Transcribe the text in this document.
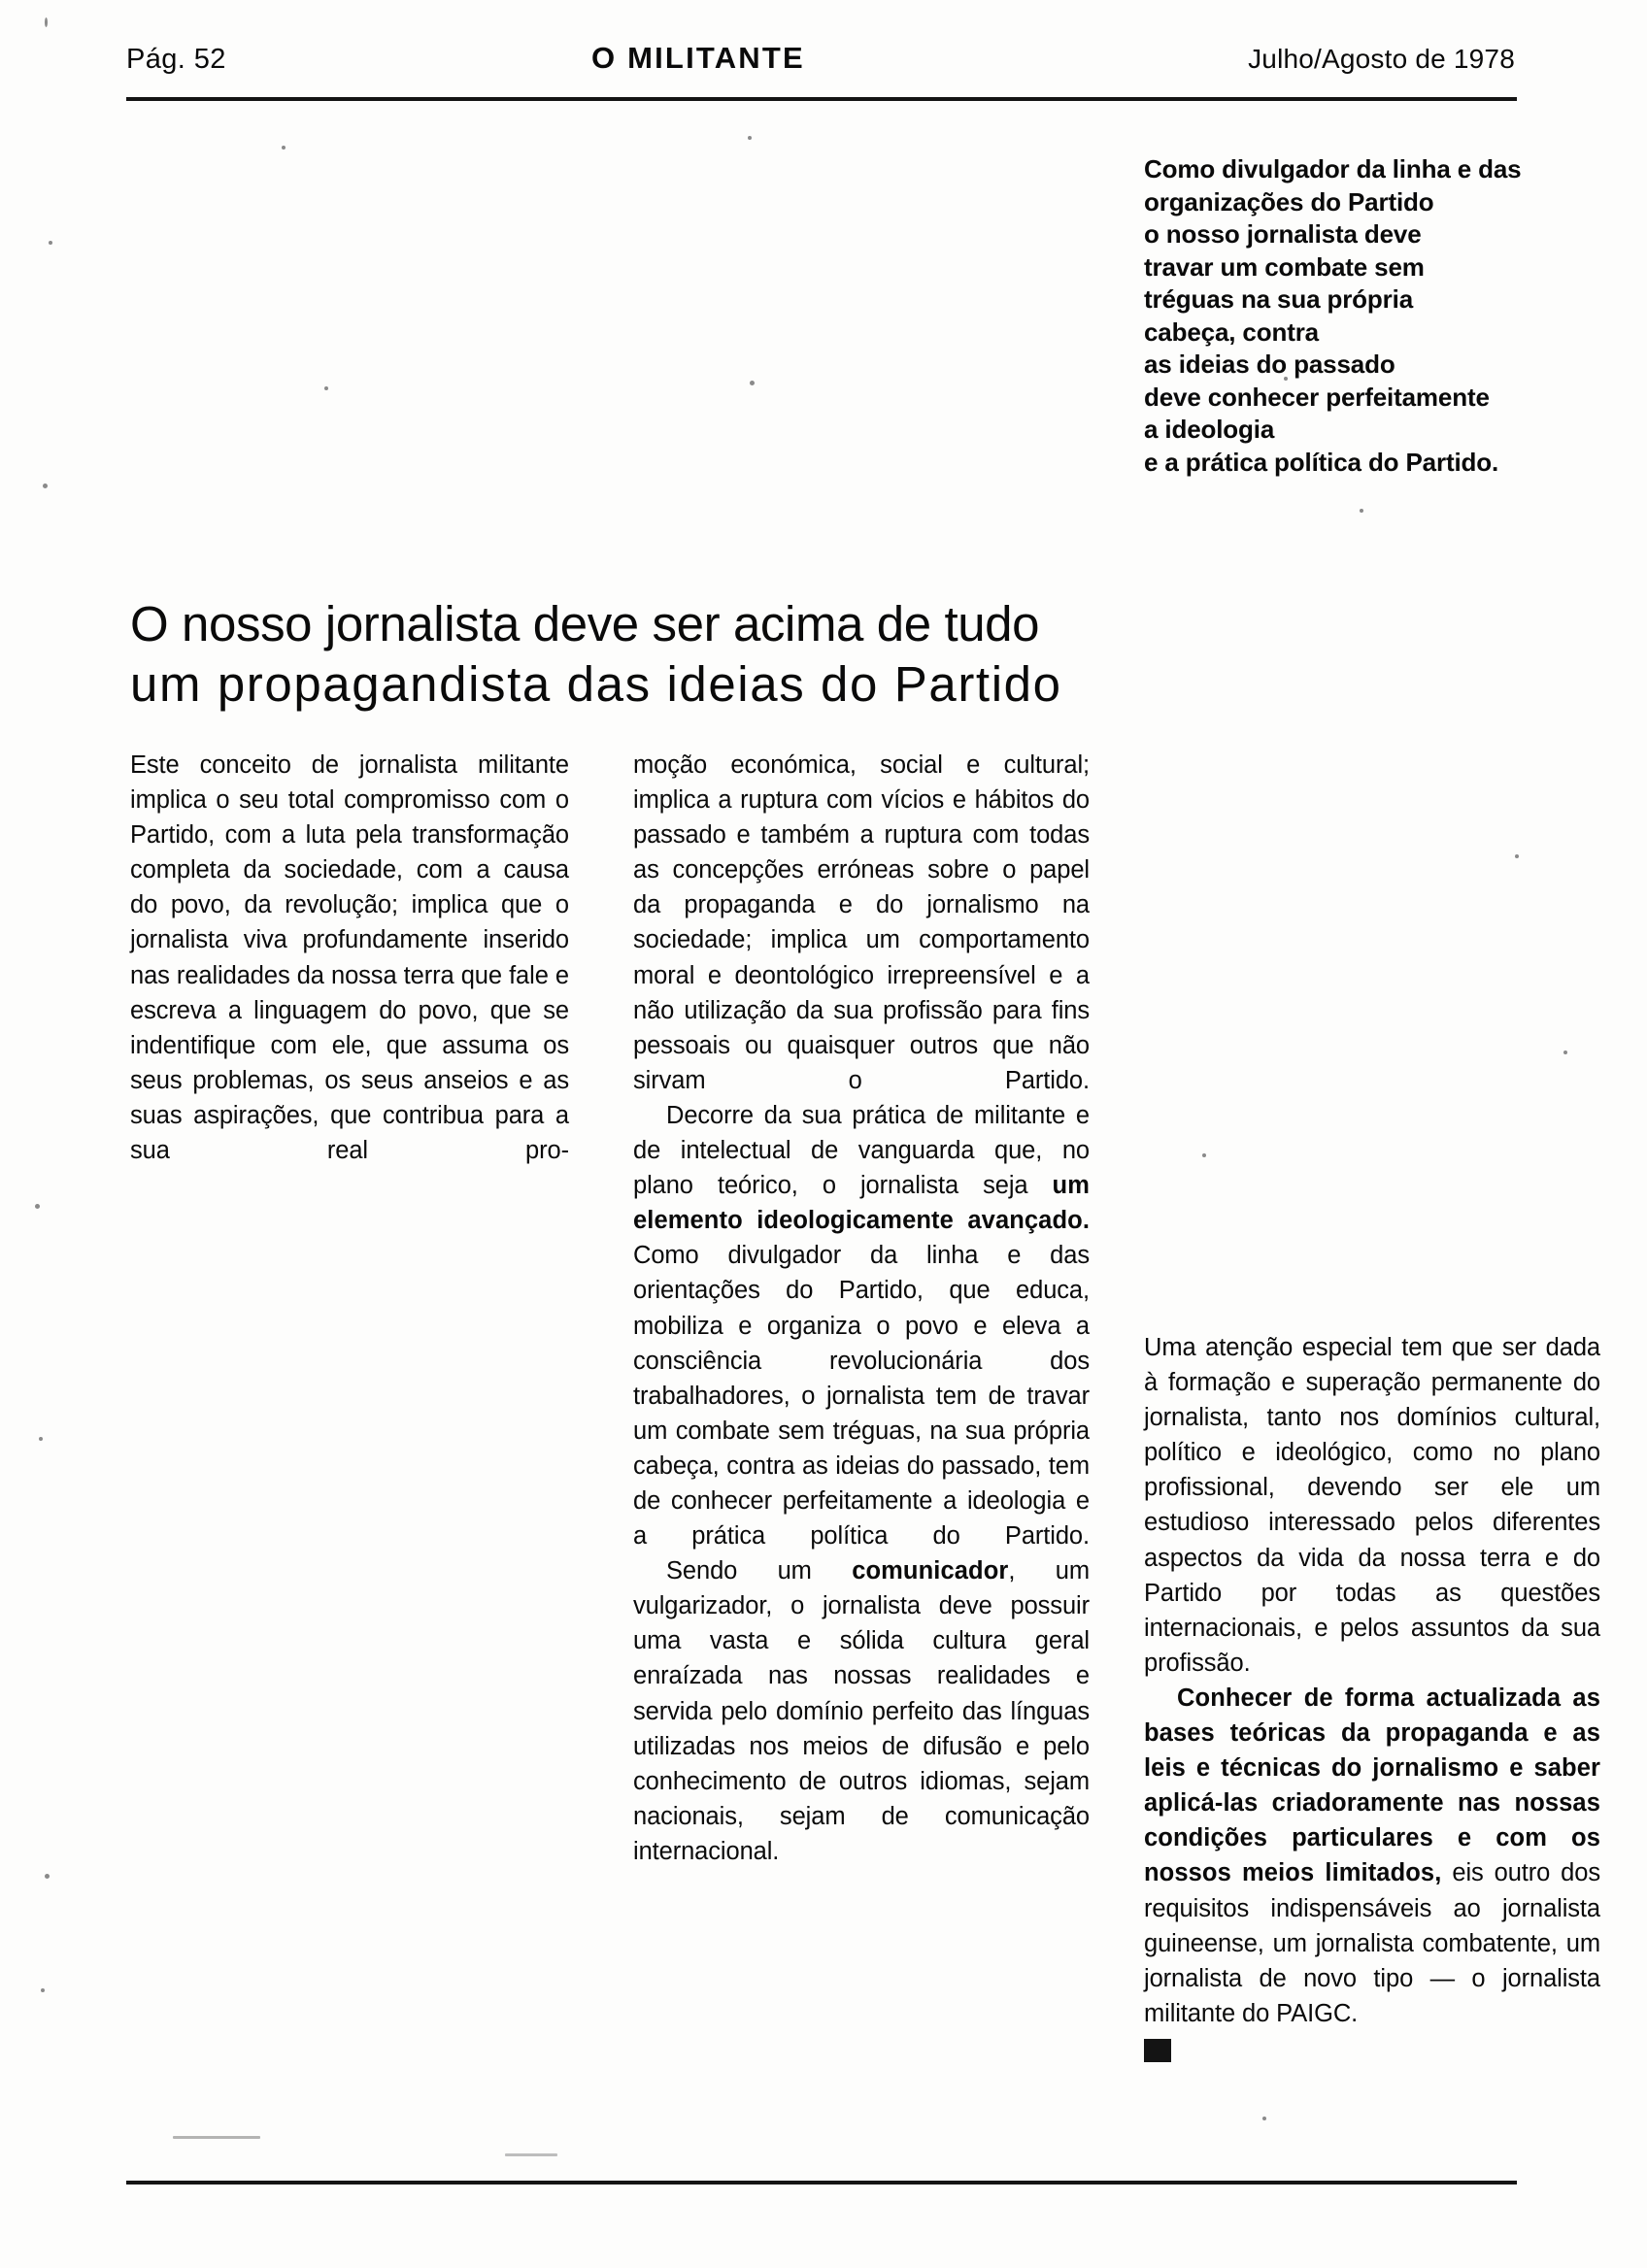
Pág. 52	O MILITANTE	Julho/Agosto de 1978
Como divulgador da linha e das
organizações do Partido
o nosso jornalista deve
travar um combate sem
tréguas na sua própria
cabeça, contra
as ideias do passado
deve conhecer perfeitamente
a ideologia
e a prática política do Partido.
O nosso jornalista deve ser acima de tudo
um propagandista das ideias do Partido

Este conceito de jornalista militante implica o seu total compromisso com o Partido, com a luta pela transformação completa da sociedade, com a causa do povo, da revolução; implica que o jornalista viva profundamente inserido nas realidades da nossa terra que fale e escreva a linguagem do povo, que se indentifique com ele, que assuma os seus problemas, os seus anseios e as suas aspirações, que contribua para a sua real pro-

moção económica, social e cultural; implica a ruptura com vícios e hábitos do passado e também a ruptura com todas as concepções erróneas sobre o papel da propaganda e do jornalismo na sociedade; implica um comportamento moral e deontológico irrepreensível e a não utilização da sua profissão para fins pessoais ou quaisquer outros que não sirvam o Partido.

Decorre da sua prática de militante e de intelectual de vanguarda que, no plano teórico, o jornalista seja um elemento ideologicamente avançado. Como divulgador da linha e das orientações do Partido, que educa, mobiliza e organiza o povo e eleva a consciência revolucionária dos trabalhadores, o jornalista tem de travar um combate sem tréguas, na sua própria cabeça, contra as ideias do passado, tem de conhecer perfeitamente a ideologia e a prática política do Partido.

Sendo um comunicador, um vulgarizador, o jornalista deve possuir uma vasta e sólida cultura geral enraízada nas nossas realidades e servida pelo domínio perfeito das línguas utilizadas nos meios de difusão e pelo conhecimento de outros idiomas, sejam nacionais, sejam de comunicação internacional.

Uma atenção especial tem que ser dada à formação e superação permanente do jornalista, tanto nos domínios cultural, político e ideológico, como no plano profissional, devendo ser ele um estudioso interessado pelos diferentes aspectos da vida da nossa terra e do Partido por todas as questões internacionais, e pelos assuntos da sua profissão.

Conhecer de forma actualizada as bases teóricas da propaganda e as leis e técnicas do jornalismo e saber aplicá-las criadoramente nas nossas condições particulares e com os nossos meios limitados, eis outro dos requisitos indispensáveis ao jornalista guineense, um jornalista combatente, um jornalista de novo tipo — o jornalista militante do PAIGC.
